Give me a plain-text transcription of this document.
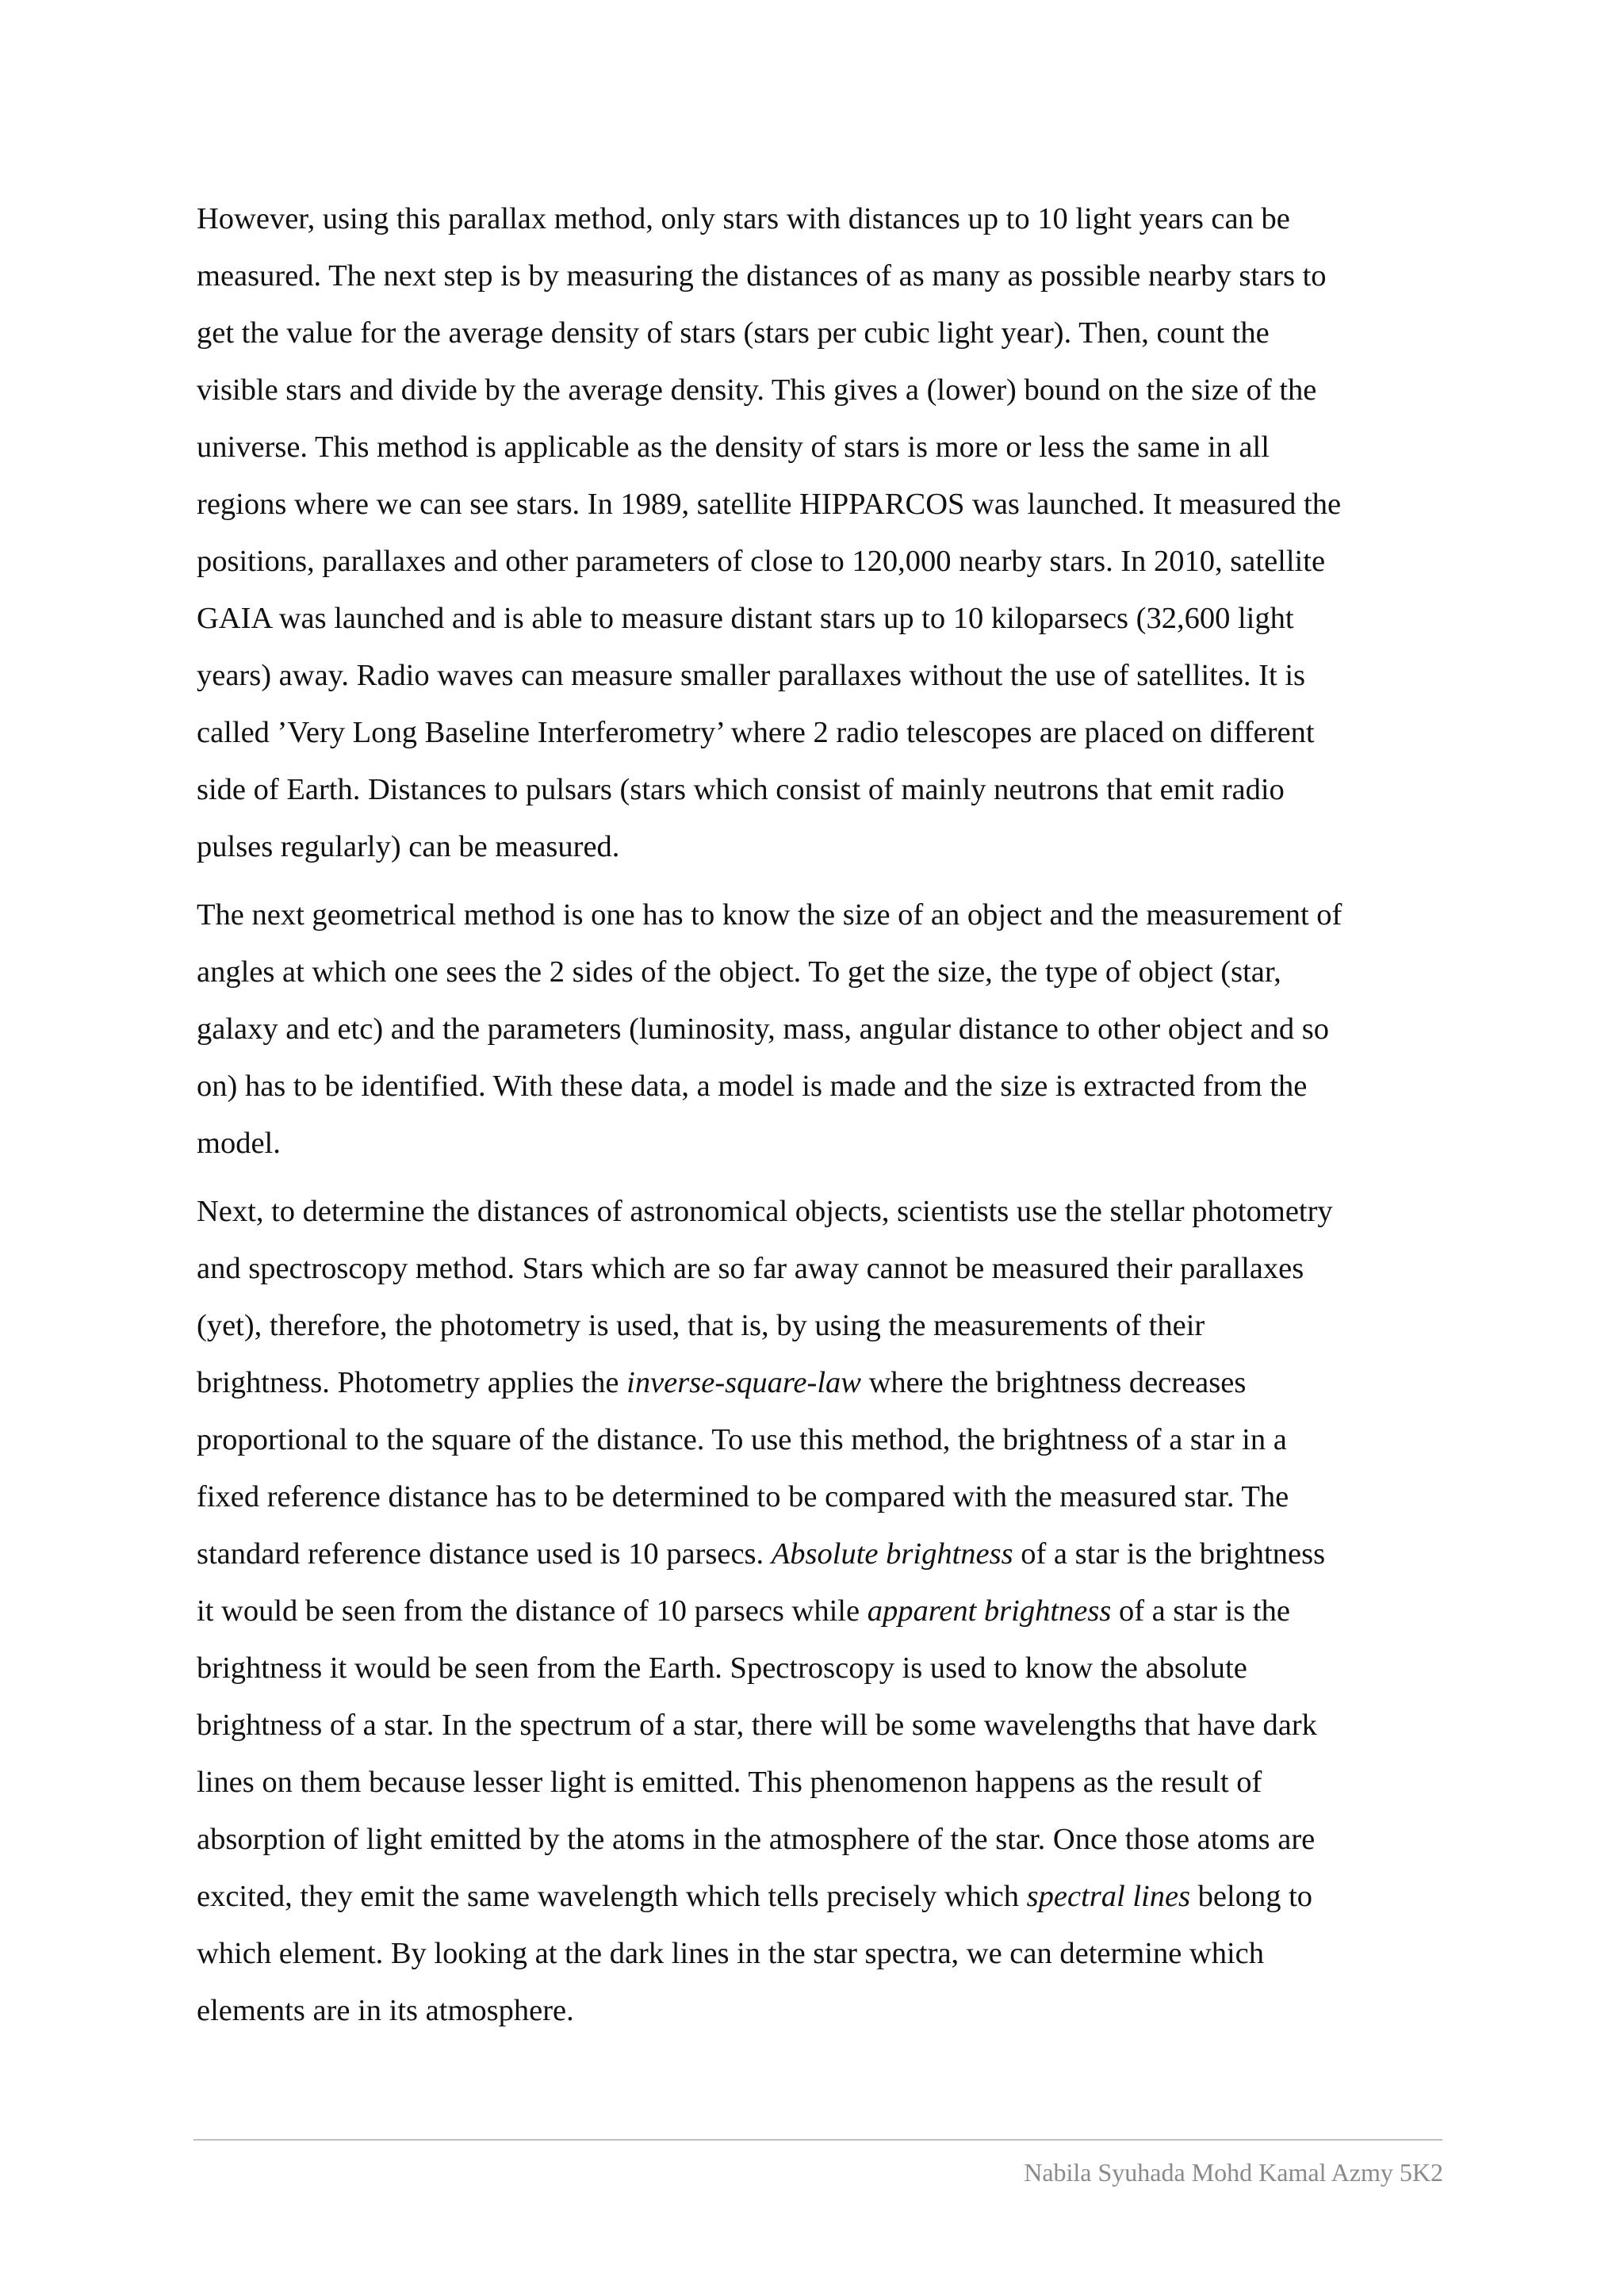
However, using this parallax method, only stars with distances up to 10 light years can be
measured. The next step is by measuring the distances of as many as possible nearby stars to
get the value for the average density of stars (stars per cubic light year). Then, count the
visible stars and divide by the average density. This gives a (lower) bound on the size of the
universe. This method is applicable as the density of stars is more or less the same in all
regions where we can see stars. In 1989, satellite HIPPARCOS was launched. It measured the
positions, parallaxes and other parameters of close to 120,000 nearby stars. In 2010, satellite
GAIA was launched and is able to measure distant stars up to 10 kiloparsecs (32,600 light
years) away. Radio waves can measure smaller parallaxes without the use of satellites. It is
called ’Very Long Baseline Interferometry’ where 2 radio telescopes are placed on different
side of Earth. Distances to pulsars (stars which consist of mainly neutrons that emit radio
pulses regularly) can be measured.

The next geometrical method is one has to know the size of an object and the measurement of
angles at which one sees the 2 sides of the object. To get the size, the type of object (star,
galaxy and etc) and the parameters (luminosity, mass, angular distance to other object and so
on) has to be identified. With these data, a model is made and the size is extracted from the
model.

Next, to determine the distances of astronomical objects, scientists use the stellar photometry
and spectroscopy method. Stars which are so far away cannot be measured their parallaxes
(yet), therefore, the photometry is used, that is, by using the measurements of their
brightness. Photometry applies the inverse-square-law where the brightness decreases
proportional to the square of the distance. To use this method, the brightness of a star in a
fixed reference distance has to be determined to be compared with the measured star. The
standard reference distance used is 10 parsecs. Absolute brightness of a star is the brightness
it would be seen from the distance of 10 parsecs while apparent brightness of a star is the
brightness it would be seen from the Earth. Spectroscopy is used to know the absolute
brightness of a star. In the spectrum of a star, there will be some wavelengths that have dark
lines on them because lesser light is emitted. This phenomenon happens as the result of
absorption of light emitted by the atoms in the atmosphere of the star. Once those atoms are
excited, they emit the same wavelength which tells precisely which spectral lines belong to
which element. By looking at the dark lines in the star spectra, we can determine which
elements are in its atmosphere.

Nabila Syuhada Mohd Kamal Azmy 5K2
